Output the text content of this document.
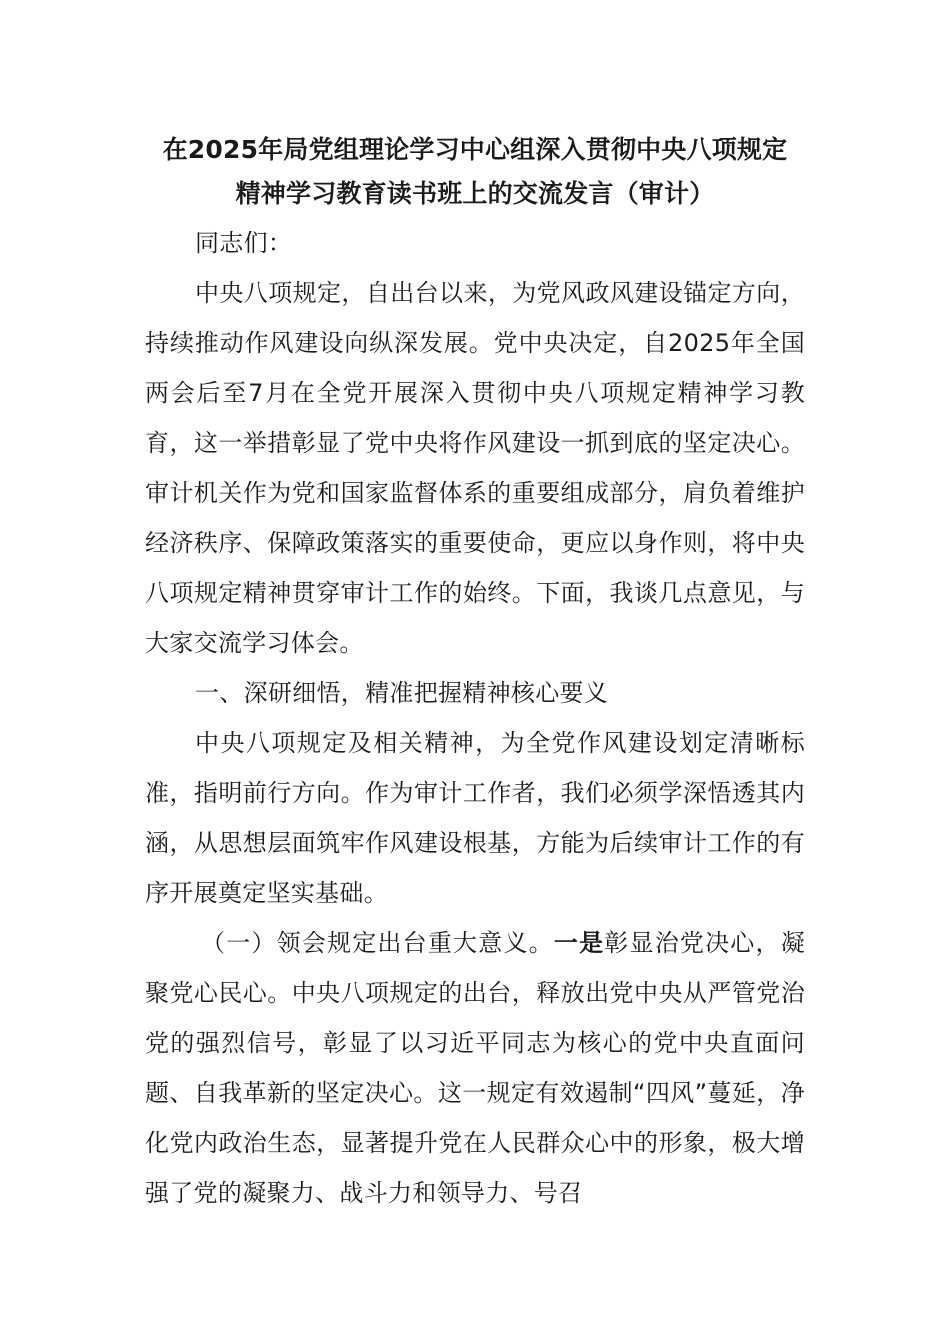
在2025年局党组理论学习中心组深入贯彻中央八项规定
精神学习教育读书班上的交流发言（审计）

同志们：

中央八项规定，自出台以来，为党风政风建设锚定方向，持续推动作风建设向纵深发展。党中央决定，自2025年全国两会后至7月在全党开展深入贯彻中央八项规定精神学习教育，这一举措彰显了党中央将作风建设一抓到底的坚定决心。审计机关作为党和国家监督体系的重要组成部分，肩负着维护经济秩序、保障政策落实的重要使命，更应以身作则，将中央八项规定精神贯穿审计工作的始终。下面，我谈几点意见，与大家交流学习体会。

一、深研细悟，精准把握精神核心要义

中央八项规定及相关精神，为全党作风建设划定清晰标准，指明前行方向。作为审计工作者，我们必须学深悟透其内涵，从思想层面筑牢作风建设根基，方能为后续审计工作的有序开展奠定坚实基础。

（一）领会规定出台重大意义。一是彰显治党决心，凝聚党心民心。中央八项规定的出台，释放出党中央从严管党治党的强烈信号，彰显了以习近平同志为核心的党中央直面问题、自我革新的坚定决心。这一规定有效遏制“四风”蔓延，净化党内政治生态，显著提升党在人民群众心中的形象，极大增强了党的凝聚力、战斗力和领导力、号召
